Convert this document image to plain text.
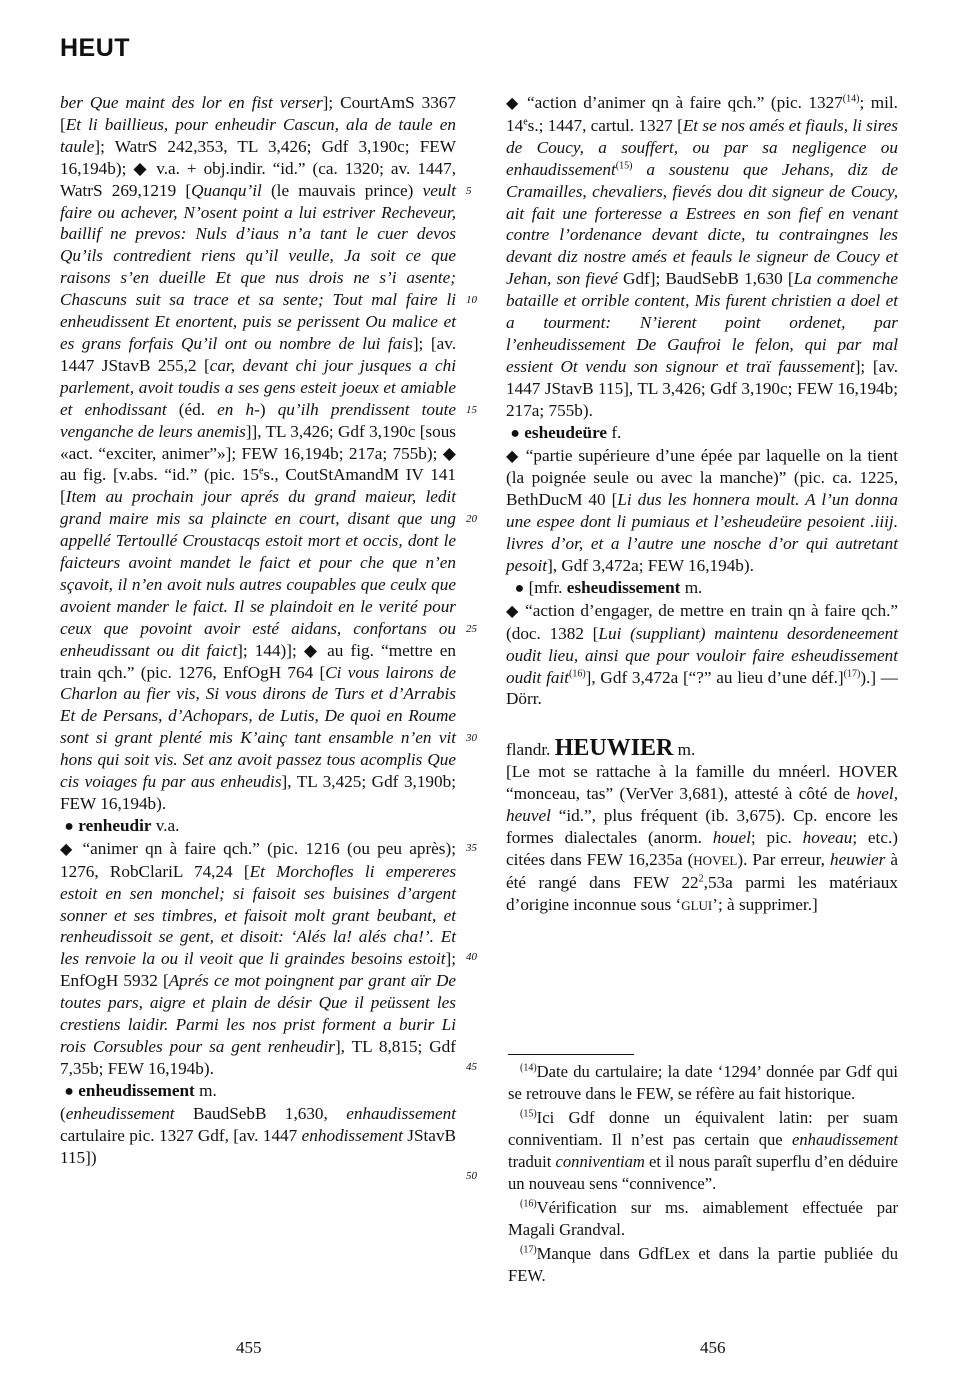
HEUT

ber Que maint des lor en fist verser]; CourtAmS 3367 [Et li baillieus, pour enheudir Cascun, ala de taule en taule]; WatrS 242,353, TL 3,426; Gdf 3,190c; FEW 16,194b); ◆ v.a. + obj.indir. “id.” (ca. 1320; av. 1447, WatrS 269,1219 [Quanqu’il (le mauvais prince) veult faire ou achever, N’osent point a lui estriver Recheveur, baillif ne prevos: Nuls d’iaus n’a tant le cuer devos Qu’ils contredient riens qu’il veulle, Ja soit ce que raisons s’en dueille Et que nus drois ne s’i asente; Chascuns suit sa trace et sa sente; Tout mal faire li enheudissent Et enortent, puis se perissent Ou malice et es grans forfais Qu’il ont ou nombre de lui fais]; [av. 1447 JStavB 255,2 [car, devant chi jour jusques a chi parlement, avoit toudis a ses gens esteit joeux et amiable et enhodissant (éd. en h-) qu’ilh prendissent toute venganche de leurs anemis]], TL 3,426; Gdf 3,190c [sous «act. “exciter, animer”»]; FEW 16,194b; 217a; 755b); ◆ au fig. [v.abs. “id.” (pic. 15es., CoutStAmandM IV 141 [Item au prochain jour aprés du grand maieur, ledit grand maire mis sa plaincte en court, disant que ung appellé Tertoullé Croustacqs estoit mort et occis, dont le faicteurs avoint mandet le faict et pour che que n’en sçavoit, il n’en avoit nuls autres coupables que ceulx que avoient mander le faict. Il se plaindoit en le verité pour ceux que povoint avoir esté aidans, confortans ou enheudissant ou dit faict]; 144)]; ◆ au fig. “mettre en train qch.” (pic. 1276, EnfOgH 764 [Ci vous lairons de Charlon au fier vis, Si vous dirons de Turs et d’Arrabis Et de Persans, d’Achopars, de Lutis, De quoi en Roume sont si grant plenté mis K’ainç tant ensamble n’en vit hons qui soit vis. Set anz avoit passez tous acomplis Que cis voiages fu par aus enheudis], TL 3,425; Gdf 3,190b; FEW 16,194b).

● renheudir v.a.

◆ “animer qn à faire qch.” (pic. 1216 (ou peu après); 1276, RobClariL 74,24 [Et Morchofles li empereres estoit en sen monchel; si faisoit ses buisines d’argent sonner et ses timbres, et faisoit molt grant beubant, et renheudissoit se gent, et disoit: ‘Alés la! alés cha!’. Et les renvoie la ou il veoit que li graindes besoins estoit]; EnfOgH 5932 [Aprés ce mot poingnent par grant aïr De toutes pars, aigre et plain de désir Que il peüssent les crestiens laidir. Parmi les nos prist forment a burir Li rois Corsubles pour sa gent renheudir], TL 8,815; Gdf 7,35b; FEW 16,194b).

● enheudissement m.

(enheudissement BaudSebB 1,630, enhaudissement cartulaire pic. 1327 Gdf, [av. 1447 enhodissement JStavB 115])

5
10
15
20
25
30
35
40
45
50

◆ “action d’animer qn à faire qch.” (pic. 1327$^{(14)}$; mil. 14es.; 1447, cartul. 1327 [Et se nos amés et fiauls, li sires de Coucy, a souffert, ou par sa negligence ou enhaudissement$^{(15)}$ a soustenu que Jehans, diz de Cramailles, chevaliers, fievés dou dit signeur de Coucy, ait fait une forteresse a Estrees en son fief en venant contre l’ordenance devant dicte, tu contraingnes les devant diz nostre amés et feauls le signeur de Coucy et Jehan, son fievé Gdf]; BaudSebB 1,630 [La commenche bataille et orrible content, Mis furent christien a doel et a tourment: N’ierent point ordenet, par l’enheudissement De Gaufroi le felon, qui par mal essient Ot vendu son signour et traï faussement]; [av. 1447 JStavB 115], TL 3,426; Gdf 3,190c; FEW 16,194b; 217a; 755b).

● esheudeüre f.

◆ “partie supérieure d’une épée par laquelle on la tient (la poignée seule ou avec la manche)” (pic. ca. 1225, BethDucM 40 [Li dus les honnera moult. A l’un donna une espee dont li pumiaus et l’esheudeüre pesoient .iiij. livres d’or, et a l’autre une nosche d’or qui autretant pesoit], Gdf 3,472a; FEW 16,194b).

● [mfr. esheudissement m.

◆ “action d’engager, de mettre en train qn à faire qch.” (doc. 1382 [Lui (suppliant) maintenu desordeneement oudit lieu, ainsi que pour vouloir faire esheudissement oudit fait$^{(16)}$], Gdf 3,472a [“?” au lieu d’une déf.]$^{(17)}$).] — Dörr.

flandr. HEUWIER m.

[Le mot se rattache à la famille du mnéerl. HOVER “monceau, tas” (VerVer 3,681), attesté à côté de hovel, heuvel “id.”, plus fréquent (ib. 3,675). Cp. encore les formes dialectales (anorm. houel; pic. hoveau; etc.) citées dans FEW 16,235a (HOVEL). Par erreur, heuwier à été rangé dans FEW $22^2,53a$ parmi les matériaux d’origine inconnue sous ‘GLUI’; à supprimer.]

$^{(14)}$Date du cartulaire; la date ‘1294’ donnée par Gdf qui se retrouve dans le FEW, se réfère au fait historique.

$^{(15)}$Ici Gdf donne un équivalent latin: per suam conniventiam. Il n’est pas certain que enhaudissement traduit conniventiam et il nous paraît superflu d’en déduire un nouveau sens “connivence”.

$^{(16)}$Vérification sur ms. aimablement effectuée par Magali Grandval.

$^{(17)}$Manque dans GdfLex et dans la partie publiée du FEW.

455	456
